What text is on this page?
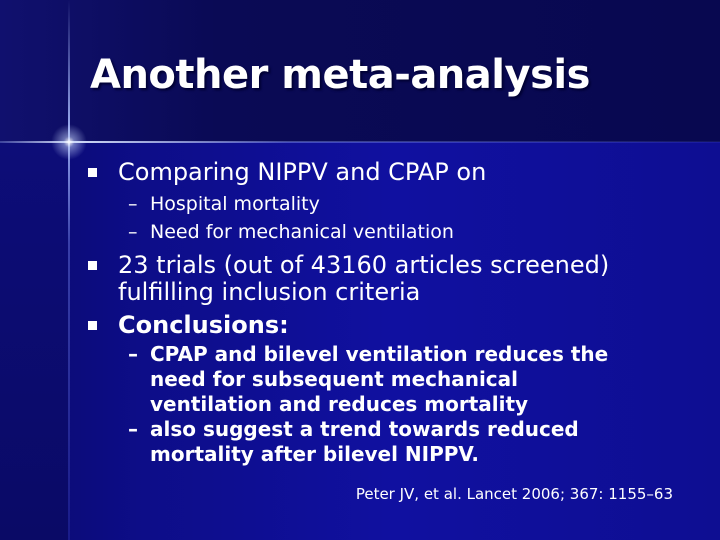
Another meta-analysis
Comparing NIPPV and CPAP on
– Hospital mortality
– Need for mechanical ventilation
23 trials (out of 43160 articles screened)
fulfilling inclusion criteria
Conclusions:
– CPAP and bilevel ventilation reduces the
need for subsequent mechanical
ventilation and reduces mortality
– also suggest a trend towards reduced
mortality after bilevel NIPPV.
Peter JV, et al. Lancet 2006; 367: 1155–63
